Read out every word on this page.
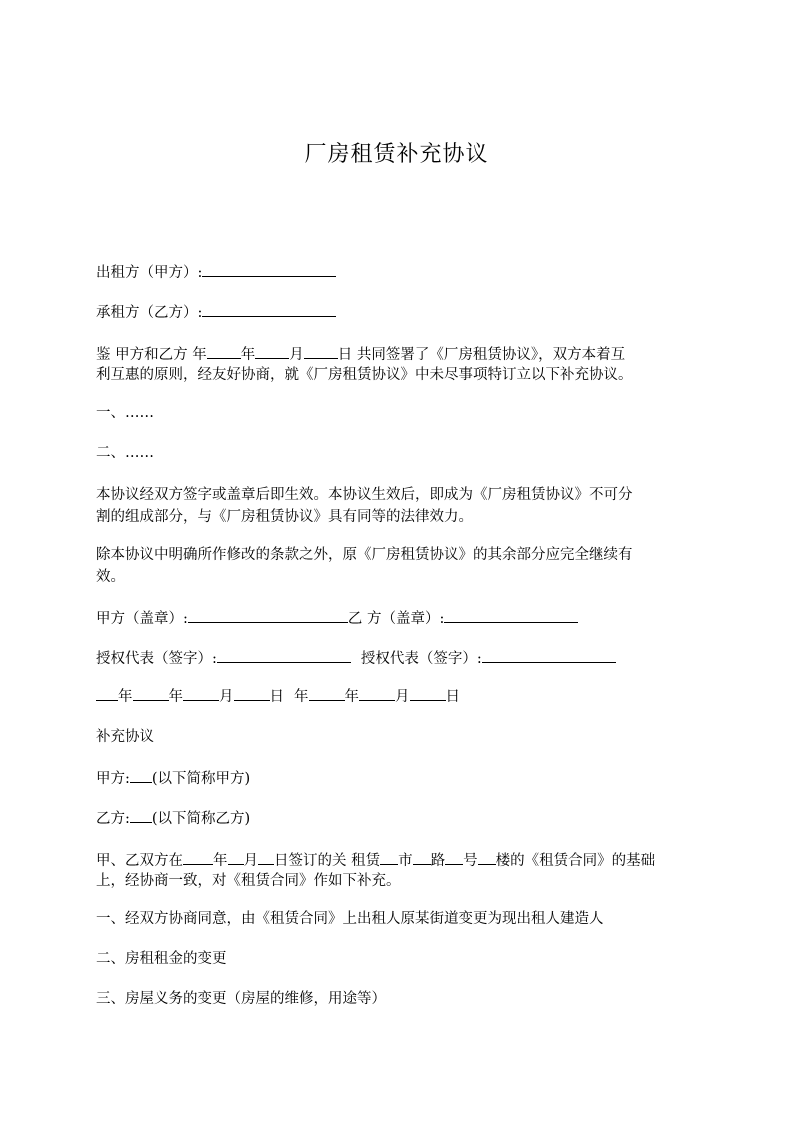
厂房租赁补充协议
出租方（甲方）:
承租方（乙方）:
鉴 甲方和乙方 年 年 月 日 共同签署了《厂房租赁协议》，双方本着互
利互惠的原则，经友好协商，就《厂房租赁协议》中未尽事项特订立以下补充协议。
一、……
二、……
本协议经双方签字或盖章后即生效。本协议生效后，即成为《厂房租赁协议》不可分
割的组成部分，与《厂房租赁协议》具有同等的法律效力。
除本协议中明确所作修改的条款之外，原《厂房租赁协议》的其余部分应完全继续有
效。
甲方（盖章）:	乙 方（盖章）:
授权代表（签字）:	授权代表（签字）:
年 年 月 日 年 年 月 日
补充协议
甲方: (以下简称甲方)
乙方: (以下简称乙方)
甲、乙双方在 年 月 日签订的关 租赁 市 路 号 楼的《租赁合同》的基础
上，经协商一致，对《租赁合同》作如下补充。
一、经双方协商同意，由《租赁合同》上出租人原某街道变更为现出租人建造人
二、房租租金的变更
三、房屋义务的变更（房屋的维修，用途等）
